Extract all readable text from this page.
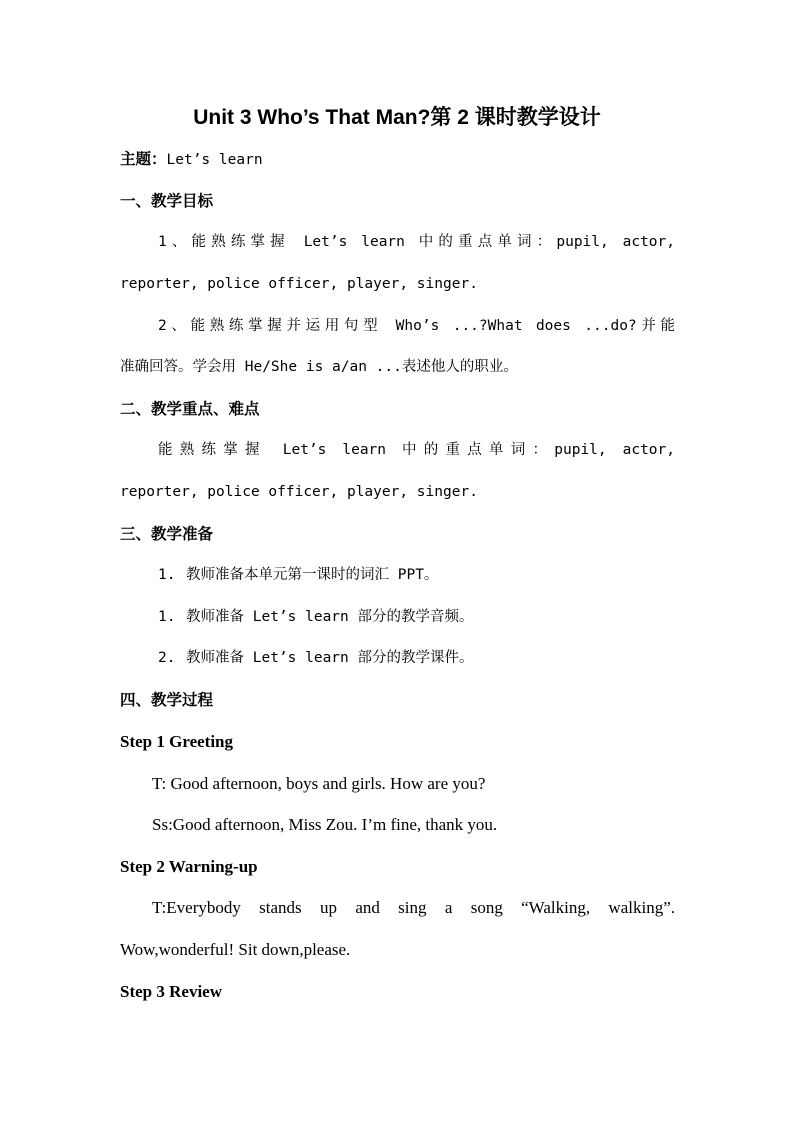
Unit 3 Who’s That Man?第 2 课时教学设计
主题：Let’s learn
一、教学目标
1、能熟练掌握 Let’s learn 中的重点单词：pupil, actor,
reporter, police officer, player, singer.
2、能熟练掌握并运用句型 Who’s ...?What does ...do?并能
准确回答。学会用 He/She is a/an ...表述他人的职业。
二、教学重点、难点
能熟练掌握 Let’s learn 中的重点单词：pupil, actor,
reporter, police officer, player, singer.
三、教学准备
1. 教师准备本单元第一课时的词汇 PPT。
1. 教师准备 Let’s learn 部分的教学音频。
2. 教师准备 Let’s learn 部分的教学课件。
四、教学过程
Step 1 Greeting
T: Good afternoon, boys and girls. How are you?
Ss:Good afternoon, Miss Zou. I’m fine, thank you.
Step 2 Warning-up
T:Everybody stands up and sing a song “Walking, walking”.
Wow,wonderful! Sit down,please.
Step 3 Review
